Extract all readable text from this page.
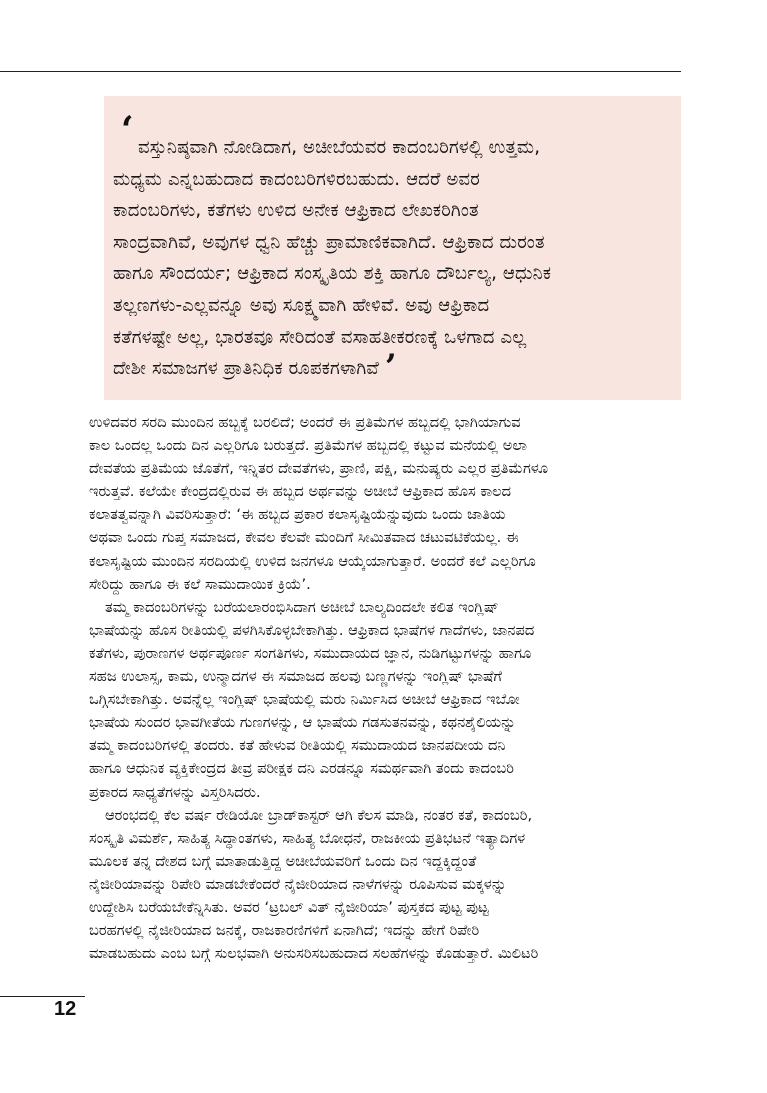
‘ ವಸ್ತುನಿಷ್ಠವಾಗಿ ನೋಡಿದಾಗ, ಅಚೀಬೆಯವರ ಕಾದಂಬರಿಗಳಲ್ಲಿ ಉತ್ತಮ,
ಮಧ್ಯಮ ಎನ್ನಬಹುದಾದ ಕಾದಂಬರಿಗಳಿರಬಹುದು. ಆದರೆ ಅವರ
ಕಾದಂಬರಿಗಳು, ಕತೆಗಳು ಉಳಿದ ಅನೇಕ ಆಫ್ರಿಕಾದ ಲೇಖಕರಿಗಿಂತ
ಸಾಂದ್ರವಾಗಿವೆ, ಅವುಗಳ ಧ್ವನಿ ಹೆಚ್ಚು ಪ್ರಾಮಾಣಿಕವಾಗಿದೆ. ಆಫ್ರಿಕಾದ ದುರಂತ
ಹಾಗೂ ಸೌಂದರ್ಯ; ಆಫ್ರಿಕಾದ ಸಂಸ್ಕೃತಿಯ ಶಕ್ತಿ ಹಾಗೂ ದೌರ್ಬಲ್ಯ, ಆಧುನಿಕ
ತಲ್ಲಣಗಳು-ಎಲ್ಲವನ್ನೂ ಅವು ಸೂಕ್ಷ್ಮವಾಗಿ ಹೇಳಿವೆ. ಅವು ಆಫ್ರಿಕಾದ
ಕತೆಗಳಷ್ಟೇ ಅಲ್ಲ, ಭಾರತವೂ ಸೇರಿದಂತೆ ವಸಾಹತೀಕರಣಕ್ಕೆ ಒಳಗಾದ ಎಲ್ಲ
ದೇಶೀ ಸಮಾಜಗಳ ಪ್ರಾತಿನಿಧಿಕ ರೂಪಕಗಳಾಗಿವೆ ’
ಉಳಿದವರ ಸರದಿ ಮುಂದಿನ ಹಬ್ಬಕ್ಕೆ ಬರಲಿದೆ; ಅಂದರೆ ಈ ಪ್ರತಿಮೆಗಳ ಹಬ್ಬದಲ್ಲಿ ಭಾಗಿಯಾಗುವ
ಕಾಲ ಒಂದಲ್ಲ ಒಂದು ದಿನ ಎಲ್ಲರಿಗೂ ಬರುತ್ತದೆ. ಪ್ರತಿಮೆಗಳ ಹಬ್ಬದಲ್ಲಿ ಕಟ್ಟುವ ಮನೆಯಲ್ಲಿ ಅಲಾ
ದೇವತೆಯ ಪ್ರತಿಮೆಯ ಜೊತೆಗೆ, ಇನ್ನಿತರ ದೇವತೆಗಳು, ಪ್ರಾಣಿ, ಪಕ್ಷಿ, ಮನುಷ್ಯರು ಎಲ್ಲರ ಪ್ರತಿಮೆಗಳೂ
ಇರುತ್ತವೆ. ಕಲೆಯೇ ಕೇಂದ್ರದಲ್ಲಿರುವ ಈ ಹಬ್ಬದ ಅರ್ಥವನ್ನು ಅಚೀಬೆ ಆಫ್ರಿಕಾದ ಹೊಸ ಕಾಲದ
ಕಲಾತತ್ವವನ್ನಾಗಿ ವಿವರಿಸುತ್ತಾರೆ: ‘ಈ ಹಬ್ಬದ ಪ್ರಕಾರ ಕಲಾಸೃಷ್ಟಿಯೆನ್ನುವುದು ಒಂದು ಜಾತಿಯ
ಅಥವಾ ಒಂದು ಗುಪ್ತ ಸಮಾಜದ, ಕೇವಲ ಕೆಲವೇ ಮಂದಿಗೆ ಸೀಮಿತವಾದ ಚಟುವಟಿಕೆಯಲ್ಲ. ಈ
ಕಲಾಸೃಷ್ಟಿಯ ಮುಂದಿನ ಸರದಿಯಲ್ಲಿ ಉಳಿದ ಜನಗಳೂ ಆಯ್ಕೆಯಾಗುತ್ತಾರೆ. ಅಂದರೆ ಕಲೆ ಎಲ್ಲರಿಗೂ
ಸೇರಿದ್ದು ಹಾಗೂ ಈ ಕಲೆ ಸಾಮುದಾಯಿಕ ಕ್ರಿಯೆ’.
ತಮ್ಮ ಕಾದಂಬರಿಗಳನ್ನು ಬರೆಯಲಾರಂಭಿಸಿದಾಗ ಅಚೀಬೆ ಬಾಲ್ಯದಿಂದಲೇ ಕಲಿತ ಇಂಗ್ಲಿಷ್
ಭಾಷೆಯನ್ನು ಹೊಸ ರೀತಿಯಲ್ಲಿ ಪಳಗಿಸಿಕೊಳ್ಳಬೇಕಾಗಿತ್ತು. ಆಫ್ರಿಕಾದ ಭಾಷೆಗಳ ಗಾದೆಗಳು, ಜಾನಪದ
ಕತೆಗಳು, ಪುರಾಣಗಳ ಅರ್ಥಪೂರ್ಣ ಸಂಗತಿಗಳು, ಸಮುದಾಯದ ಜ್ಞಾನ, ನುಡಿಗಟ್ಟುಗಳನ್ನು ಹಾಗೂ
ಸಹಜ ಉಲಾಸ್ಸ, ಕಾಮ, ಉನ್ಮಾದಗಳ ಈ ಸಮಾಜದ ಹಲವು ಬಣ್ಣಗಳನ್ನು ಇಂಗ್ಲಿಷ್ ಭಾಷೆಗೆ
ಒಗ್ಗಿಸಬೇಕಾಗಿತ್ತು. ಅವನ್ನೆಲ್ಲ ಇಂಗ್ಲಿಷ್ ಭಾಷೆಯಲ್ಲಿ ಮರು ನಿರ್ಮಿಸಿದ ಅಚೀಬೆ ಆಫ್ರಿಕಾದ ಇಬೋ
ಭಾಷೆಯ ಸುಂದರ ಭಾವಗೀತೆಯ ಗುಣಗಳನ್ನು, ಆ ಭಾಷೆಯ ಗಡಸುತನವನ್ನು, ಕಥನಶೈಲಿಯನ್ನು
ತಮ್ಮ ಕಾದಂಬರಿಗಳಲ್ಲಿ ತಂದರು. ಕತೆ ಹೇಳುವ ರೀತಿಯಲ್ಲಿ ಸಮುದಾಯದ ಜಾನಪದೀಯ ದನಿ
ಹಾಗೂ ಆಧುನಿಕ ವ್ಯಕ್ತಿಕೇಂದ್ರದ ತೀವ್ರ ಪರೀಕ್ಷಕ ದನಿ ಎರಡನ್ನೂ ಸಮರ್ಥವಾಗಿ ತಂದು ಕಾದಂಬರಿ
ಪ್ರಕಾರದ ಸಾಧ್ಯತೆಗಳನ್ನು ವಿಸ್ತರಿಸಿದರು.
ಆರಂಭದಲ್ಲಿ ಕೆಲ ವರ್ಷ ರೇಡಿಯೋ ಬ್ರಾಡ್‌ಕಾಸ್ಟರ್ ಆಗಿ ಕೆಲಸ ಮಾಡಿ, ನಂತರ ಕತೆ, ಕಾದಂಬರಿ,
ಸಂಸ್ಕೃತಿ ವಿಮರ್ಶೆ, ಸಾಹಿತ್ಯ ಸಿದ್ಧಾಂತಗಳು, ಸಾಹಿತ್ಯ ಬೋಧನೆ, ರಾಜಕೀಯ ಪ್ರತಿಭಟನೆ ಇತ್ಯಾದಿಗಳ
ಮೂಲಕ ತನ್ನ ದೇಶದ ಬಗ್ಗೆ ಮಾತಾಡುತ್ತಿದ್ದ ಅಚೀಬೆಯವರಿಗೆ ಒಂದು ದಿನ ಇದ್ದಕ್ಕಿದ್ದಂತೆ
ನೈಜೀರಿಯಾವನ್ನು ರಿಪೇರಿ ಮಾಡಬೇಕೆಂದರೆ ನೈಜೀರಿಯಾದ ನಾಳೆಗಳನ್ನು ರೂಪಿಸುವ ಮಕ್ಕಳನ್ನು
ಉದ್ದೇಶಿಸಿ ಬರೆಯಬೇಕೆನ್ನಿಸಿತು. ಅವರ ‘ಟ್ರಬಲ್ ವಿತ್ ನೈಜೀರಿಯಾ’ ಪುಸ್ತಕದ ಪುಟ್ಟ ಪುಟ್ಟ
ಬರಹಗಳಲ್ಲಿ ನೈಜೀರಿಯಾದ ಜನಕ್ಕೆ, ರಾಜಕಾರಣಿಗಳಿಗೆ ಏನಾಗಿದೆ; ಇದನ್ನು ಹೇಗೆ ರಿಪೇರಿ
ಮಾಡಬಹುದು ಎಂಬ ಬಗ್ಗೆ ಸುಲಭವಾಗಿ ಅನುಸರಿಸಬಹುದಾದ ಸಲಹೆಗಳನ್ನು ಕೊಡುತ್ತಾರೆ. ಮಿಲಿಟರಿ
12
